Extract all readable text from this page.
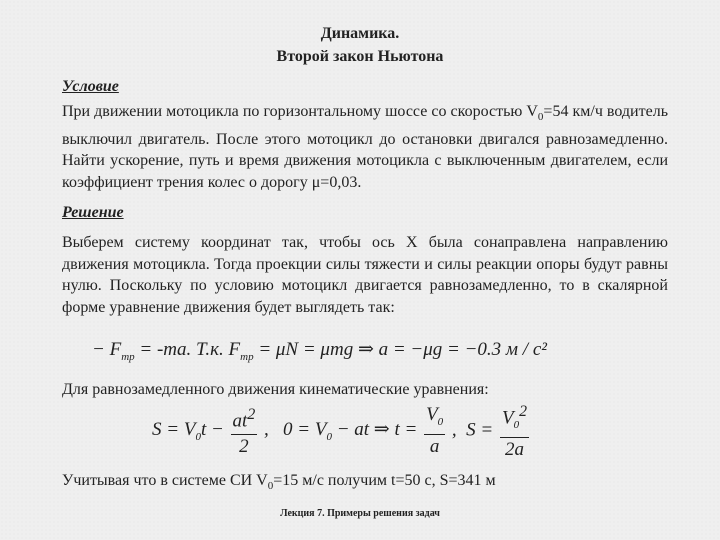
Динамика.
Второй закон Ньютона
Условие
При движении мотоцикла по горизонтальному шоссе со скоростью $V_0=54$ км/ч водитель выключил двигатель. После этого мотоцикл до остановки двигался равнозамедленно. Найти ускорение, путь и время движения мотоцикла с выключенным двигателем, если коэффициент трения колес о дорогу μ=0,03.
Решение
Выберем систему координат так, чтобы ось Х была сонаправлена направлению движения мотоцикла. Тогда проекции силы тяжести и силы реакции опоры будут равны нулю. Поскольку по условию мотоцикл двигается равнозамедленно, то в скалярной форме уравнение движения будет выглядеть так:
− $F_{тр} = -ma$. Т.к. $F_{тр} = \mu N = \mu mg$ ⇒ a = −μg = −0.3 м / с²
Для равнозамедленного движения кинематические уравнения:
$S = V_0t - \frac{at^2}{2}$ ,   $0 = V_0$ − at ⇒ $t = \frac{V_0}{a}$ ,  $S = \frac{V_0^2}{2a}$
Учитывая что в системе СИ $V_0=15$ м/с получим t=50 с, S=341 м
Лекция 7. Примеры решения задач
